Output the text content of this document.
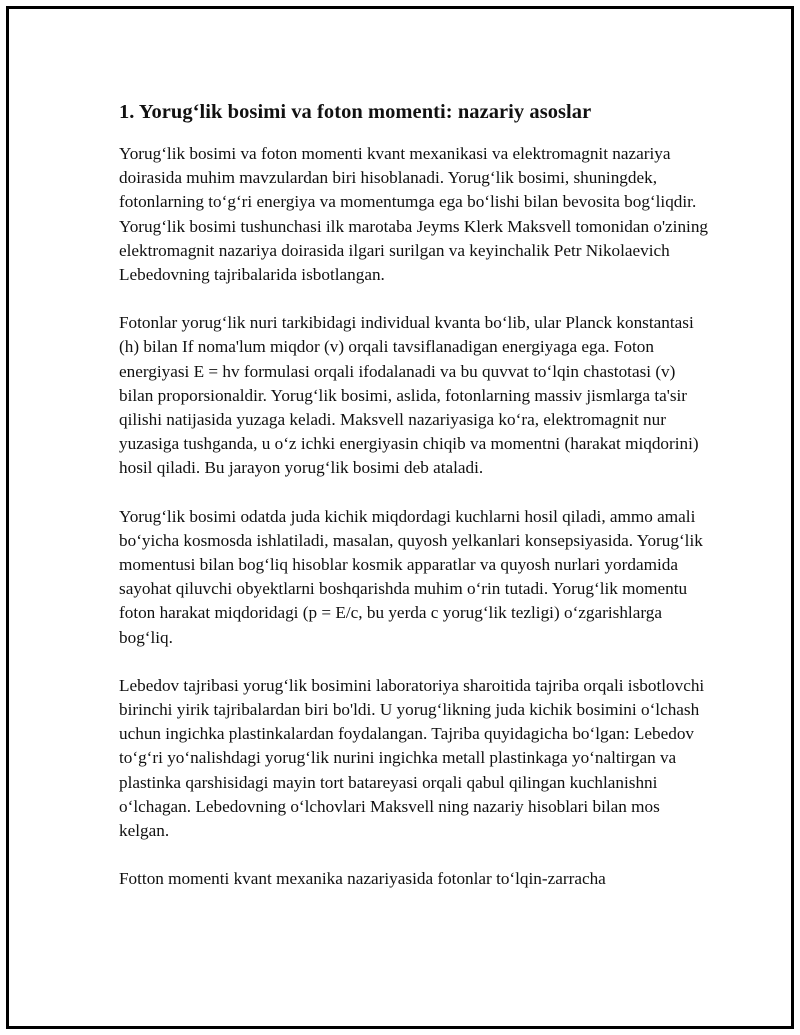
1. Yorug‘lik bosimi va foton momenti: nazariy asoslar

Yorug‘lik bosimi va foton momenti kvant mexanikasi va elektromagnit nazariya doirasida muhim mavzulardan biri hisoblanadi. Yorug‘lik bosimi, shuningdek, fotonlarning to‘g‘ri energiya va momentumga ega bo‘lishi bilan bevosita bog‘liqdir. Yorug‘lik bosimi tushunchasi ilk marotaba Jeyms Klerk Maksvell tomonidan o'zining elektromagnit nazariya doirasida ilgari surilgan va keyinchalik Petr Nikolaevich Lebedovning tajribalarida isbotlangan.

Fotonlar yorug‘lik nuri tarkibidagi individual kvanta bo‘lib, ular Planck konstantasi (h) bilan If noma'lum miqdor (v) orqali tavsiflanadigan energiyaga ega. Foton energiyasi E = hv formulasi orqali ifodalanadi va bu quvvat to‘lqin chastotasi (v) bilan proporsionaldir. Yorug‘lik bosimi, aslida, fotonlarning massiv jismlarga ta'sir qilishi natijasida yuzaga keladi. Maksvell nazariyasiga ko‘ra, elektromagnit nur yuzasiga tushganda, u o‘z ichki energiyasin chiqib va momentni (harakat miqdorini) hosil qiladi. Bu jarayon yorug‘lik bosimi deb ataladi.

Yorug‘lik bosimi odatda juda kichik miqdordagi kuchlarni hosil qiladi, ammo amali bo‘yicha kosmosda ishlatiladi, masalan, quyosh yelkanlari konsepsiyasida. Yorug‘lik momentusi bilan bog‘liq hisoblar kosmik apparatlar va quyosh nurlari yordamida sayohat qiluvchi obyektlarni boshqarishda muhim o‘rin tutadi. Yorug‘lik momentu foton harakat miqdoridagi (p = E/c, bu yerda c yorug‘lik tezligi) o‘zgarishlarga bog‘liq.

Lebedov tajribasi yorug‘lik bosimini laboratoriya sharoitida tajriba orqali isbotlovchi birinchi yirik tajribalardan biri bo'ldi. U yorug‘likning juda kichik bosimini o‘lchash uchun ingichka plastinkalardan foydalangan. Tajriba quyidagicha bo‘lgan: Lebedov to‘g‘ri yo‘nalishdagi yorug‘lik nurini ingichka metall plastinkaga yo‘naltirgan va plastinka qarshisidagi mayin tort batareyasi orqali qabul qilingan kuchlanishni o‘lchagan. Lebedovning o‘lchovlari Maksvell ning nazariy hisoblari bilan mos kelgan.

Fotton momenti kvant mexanika nazariyasida fotonlar to‘lqin-zarracha
